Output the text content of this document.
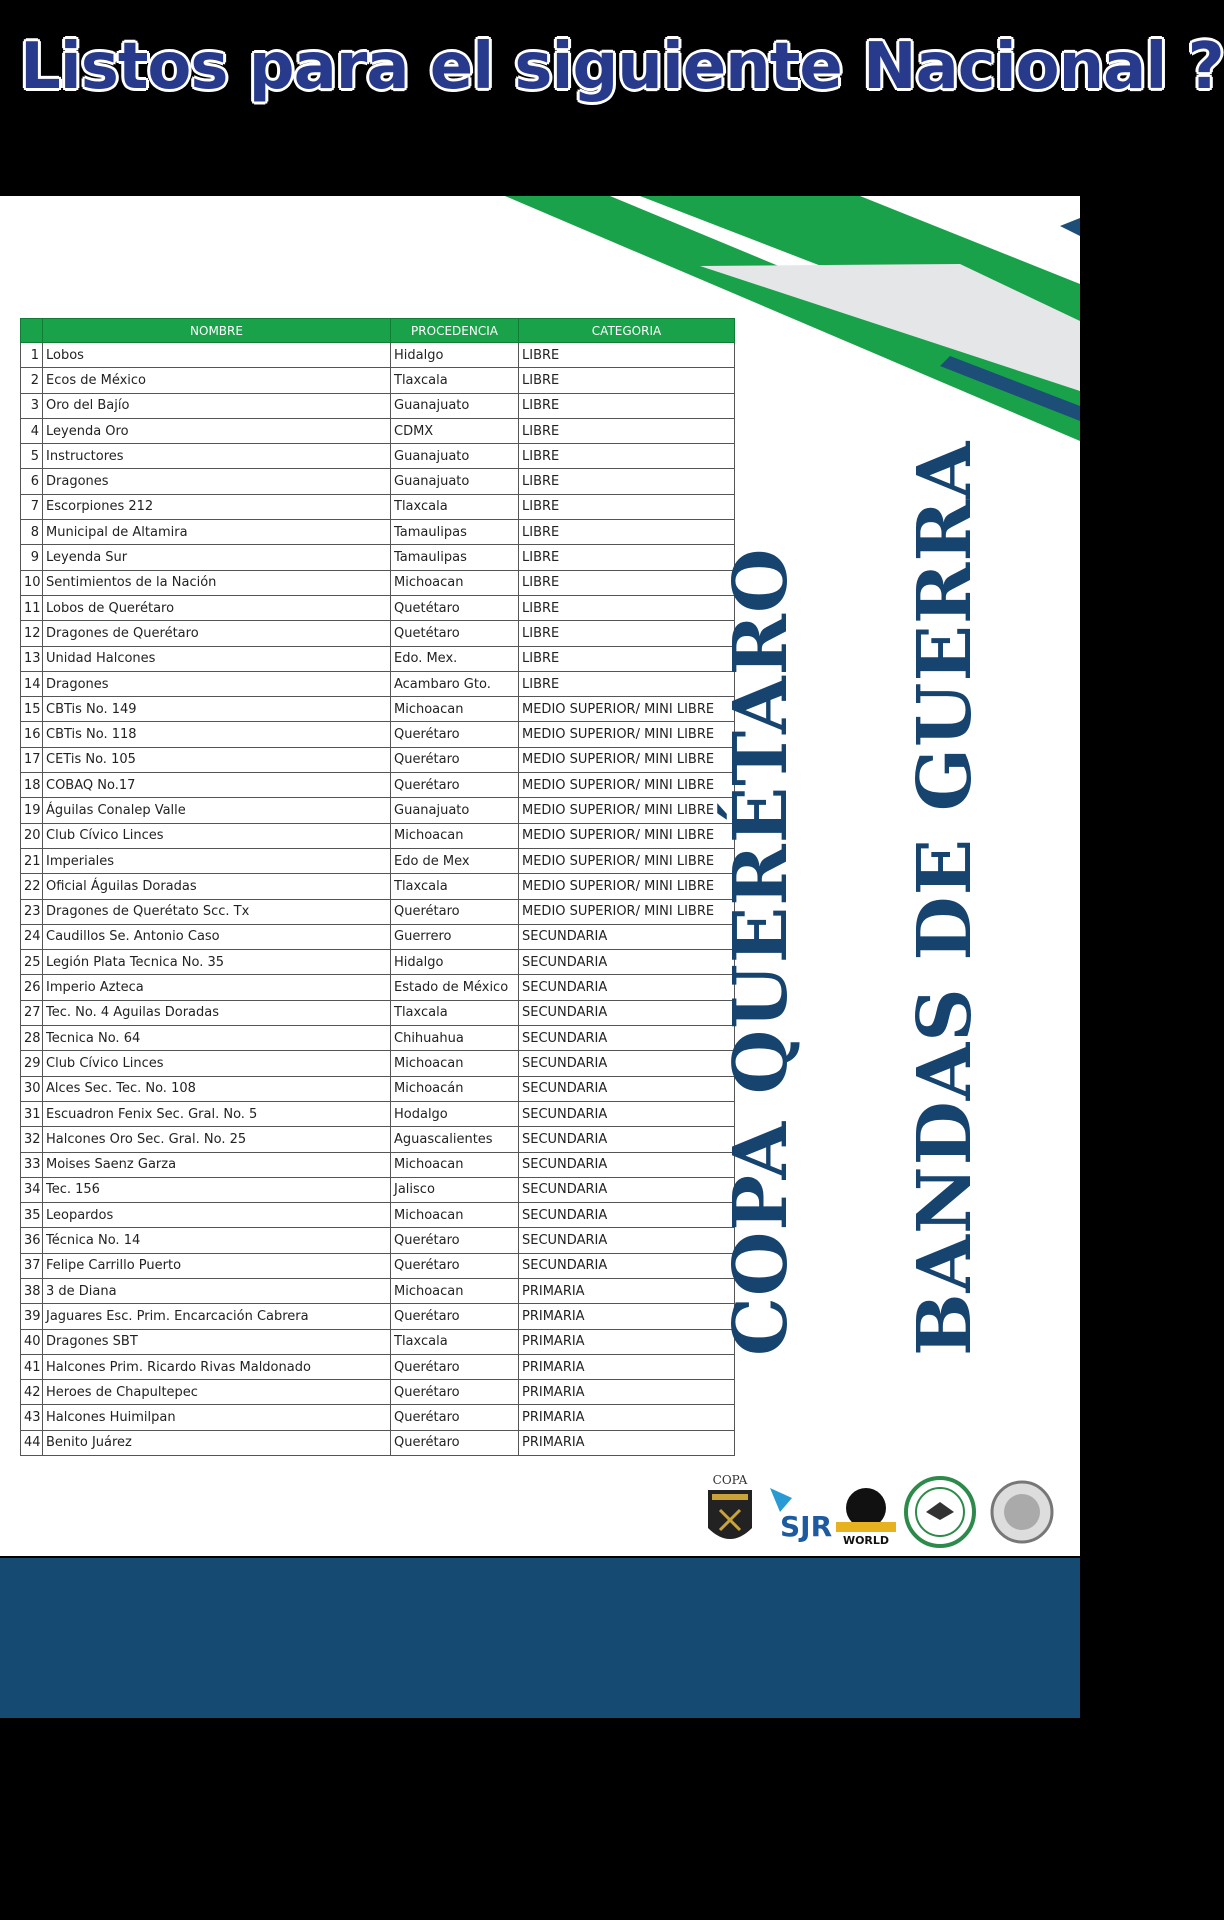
Listos para el siguiente Nacional ?
	NOMBRE	PROCEDENCIA	CATEGORIA
1	Lobos	Hidalgo	LIBRE
2	Ecos de México	Tlaxcala	LIBRE
3	Oro del Bajío	Guanajuato	LIBRE
4	Leyenda Oro	CDMX	LIBRE
5	Instructores	Guanajuato	LIBRE
6	Dragones	Guanajuato	LIBRE
7	Escorpiones 212	Tlaxcala	LIBRE
8	Municipal de Altamira	Tamaulipas	LIBRE
9	Leyenda Sur	Tamaulipas	LIBRE
10	Sentimientos de la Nación	Michoacan	LIBRE
11	Lobos de Querétaro	Quetétaro	LIBRE
12	Dragones de Querétaro	Quetétaro	LIBRE
13	Unidad Halcones	Edo. Mex.	LIBRE
14	Dragones	Acambaro Gto.	LIBRE
15	CBTis No. 149	Michoacan	MEDIO SUPERIOR/ MINI LIBRE
16	CBTis No. 118	Querétaro	MEDIO SUPERIOR/ MINI LIBRE
17	CETis No. 105	Querétaro	MEDIO SUPERIOR/ MINI LIBRE
18	COBAQ No.17	Querétaro	MEDIO SUPERIOR/ MINI LIBRE
19	Águilas Conalep Valle	Guanajuato	MEDIO SUPERIOR/ MINI LIBRE
20	Club Cívico Linces	Michoacan	MEDIO SUPERIOR/ MINI LIBRE
21	Imperiales	Edo de Mex	MEDIO SUPERIOR/ MINI LIBRE
22	Oficial Águilas Doradas	Tlaxcala	MEDIO SUPERIOR/ MINI LIBRE
23	Dragones de Querétato Scc. Tx	Querétaro	MEDIO SUPERIOR/ MINI LIBRE
24	Caudillos Se. Antonio Caso	Guerrero	SECUNDARIA
25	Legión Plata Tecnica No. 35	Hidalgo	SECUNDARIA
26	Imperio Azteca	Estado de México	SECUNDARIA
27	Tec. No. 4 Aguilas Doradas	Tlaxcala	SECUNDARIA
28	Tecnica No. 64	Chihuahua	SECUNDARIA
29	Club Cívico Linces	Michoacan	SECUNDARIA
30	Alces Sec. Tec. No. 108	Michoacán	SECUNDARIA
31	Escuadron Fenix Sec. Gral. No. 5	Hodalgo	SECUNDARIA
32	Halcones Oro Sec. Gral. No. 25	Aguascalientes	SECUNDARIA
33	Moises Saenz Garza	Michoacan	SECUNDARIA
34	Tec. 156	Jalisco	SECUNDARIA
35	Leopardos	Michoacan	SECUNDARIA
36	Técnica No. 14	Querétaro	SECUNDARIA
37	Felipe Carrillo Puerto	Querétaro	SECUNDARIA
38	3 de Diana	Michoacan	PRIMARIA
39	Jaguares Esc. Prim. Encarcación Cabrera	Querétaro	PRIMARIA
40	Dragones SBT	Tlaxcala	PRIMARIA
41	Halcones Prim. Ricardo Rivas Maldonado	Querétaro	PRIMARIA
42	Heroes de Chapultepec	Querétaro	PRIMARIA
43	Halcones Huimilpan	Querétaro	PRIMARIA
44	Benito Juárez	Querétaro	PRIMARIA
COPA QUERÉTARO BANDAS DE GUERRA
COPA
SJR WORLD
